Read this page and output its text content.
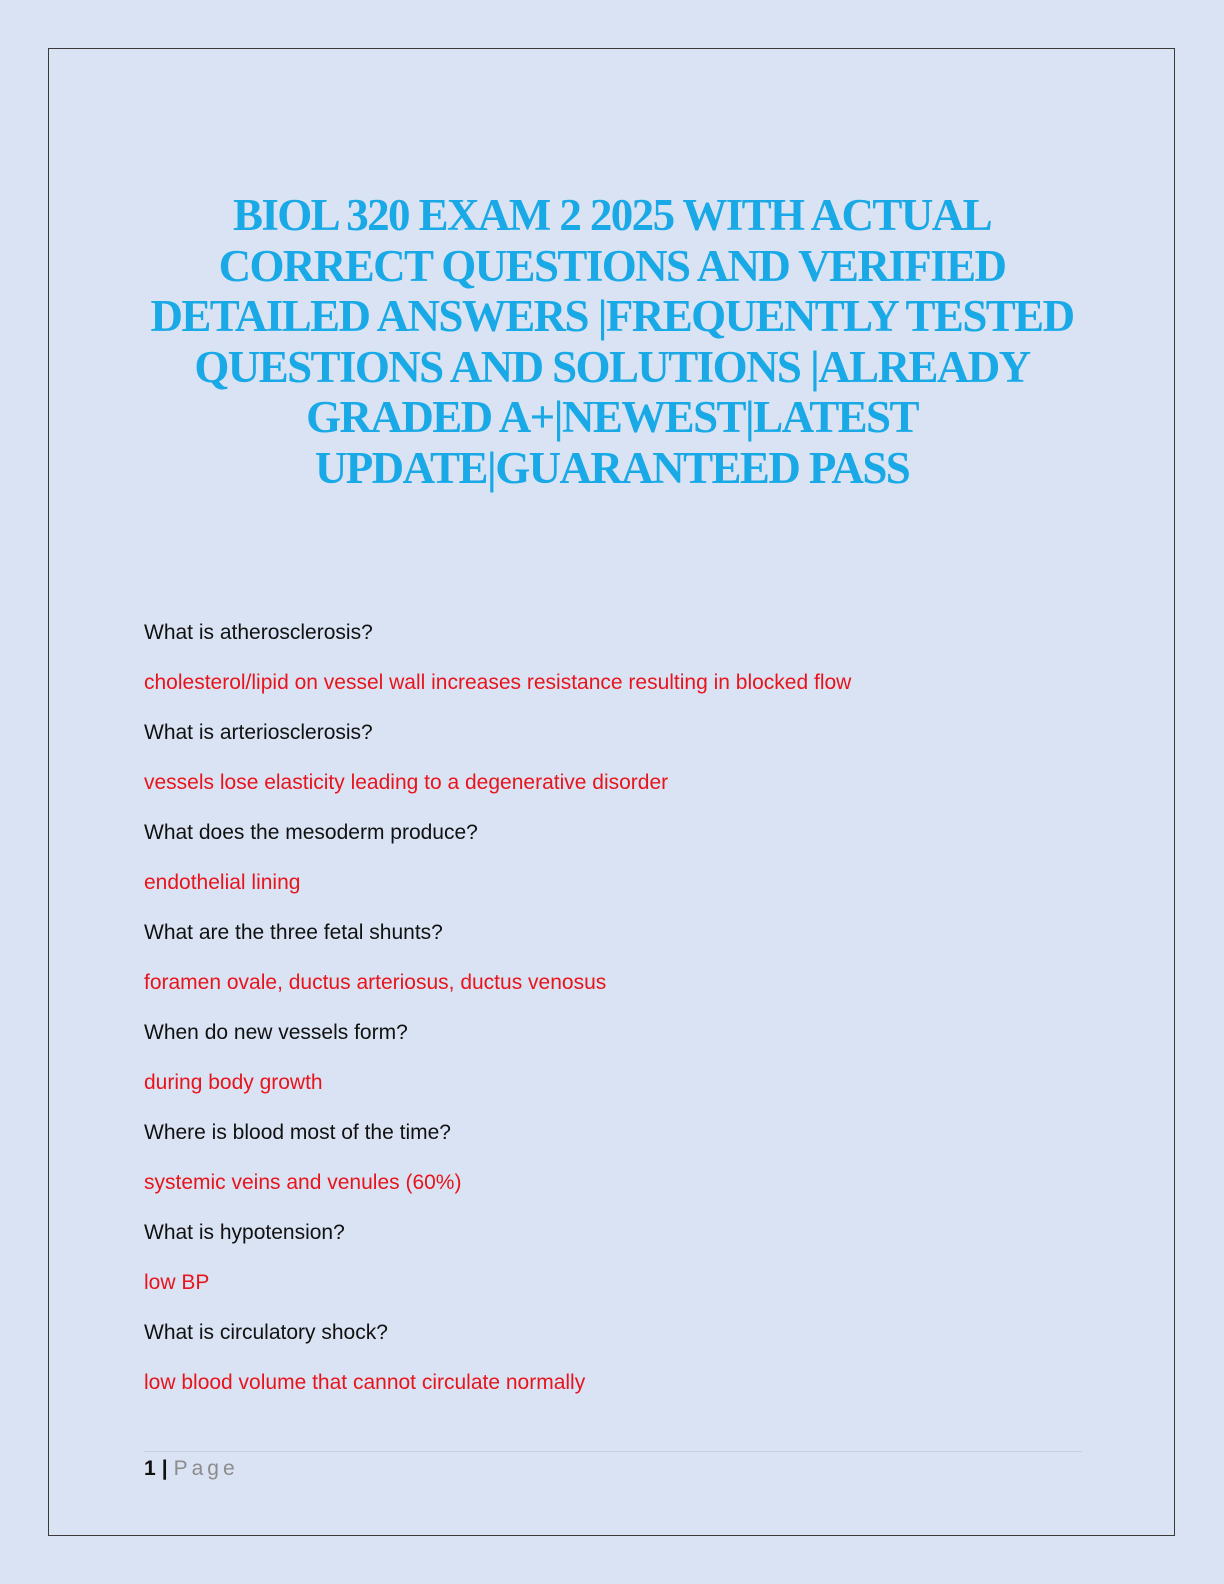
BIOL 320 EXAM 2 2025 WITH ACTUAL
CORRECT QUESTIONS AND VERIFIED
DETAILED ANSWERS |FREQUENTLY TESTED
QUESTIONS AND SOLUTIONS |ALREADY
GRADED A+|NEWEST|LATEST
UPDATE|GUARANTEED PASS
What is atherosclerosis?
cholesterol/lipid on vessel wall increases resistance resulting in blocked flow
What is arteriosclerosis?
vessels lose elasticity leading to a degenerative disorder
What does the mesoderm produce?
endothelial lining
What are the three fetal shunts?
foramen ovale, ductus arteriosus, ductus venosus
When do new vessels form?
during body growth
Where is blood most of the time?
systemic veins and venules (60%)
What is hypotension?
low BP
What is circulatory shock?
low blood volume that cannot circulate normally
1 | Page
